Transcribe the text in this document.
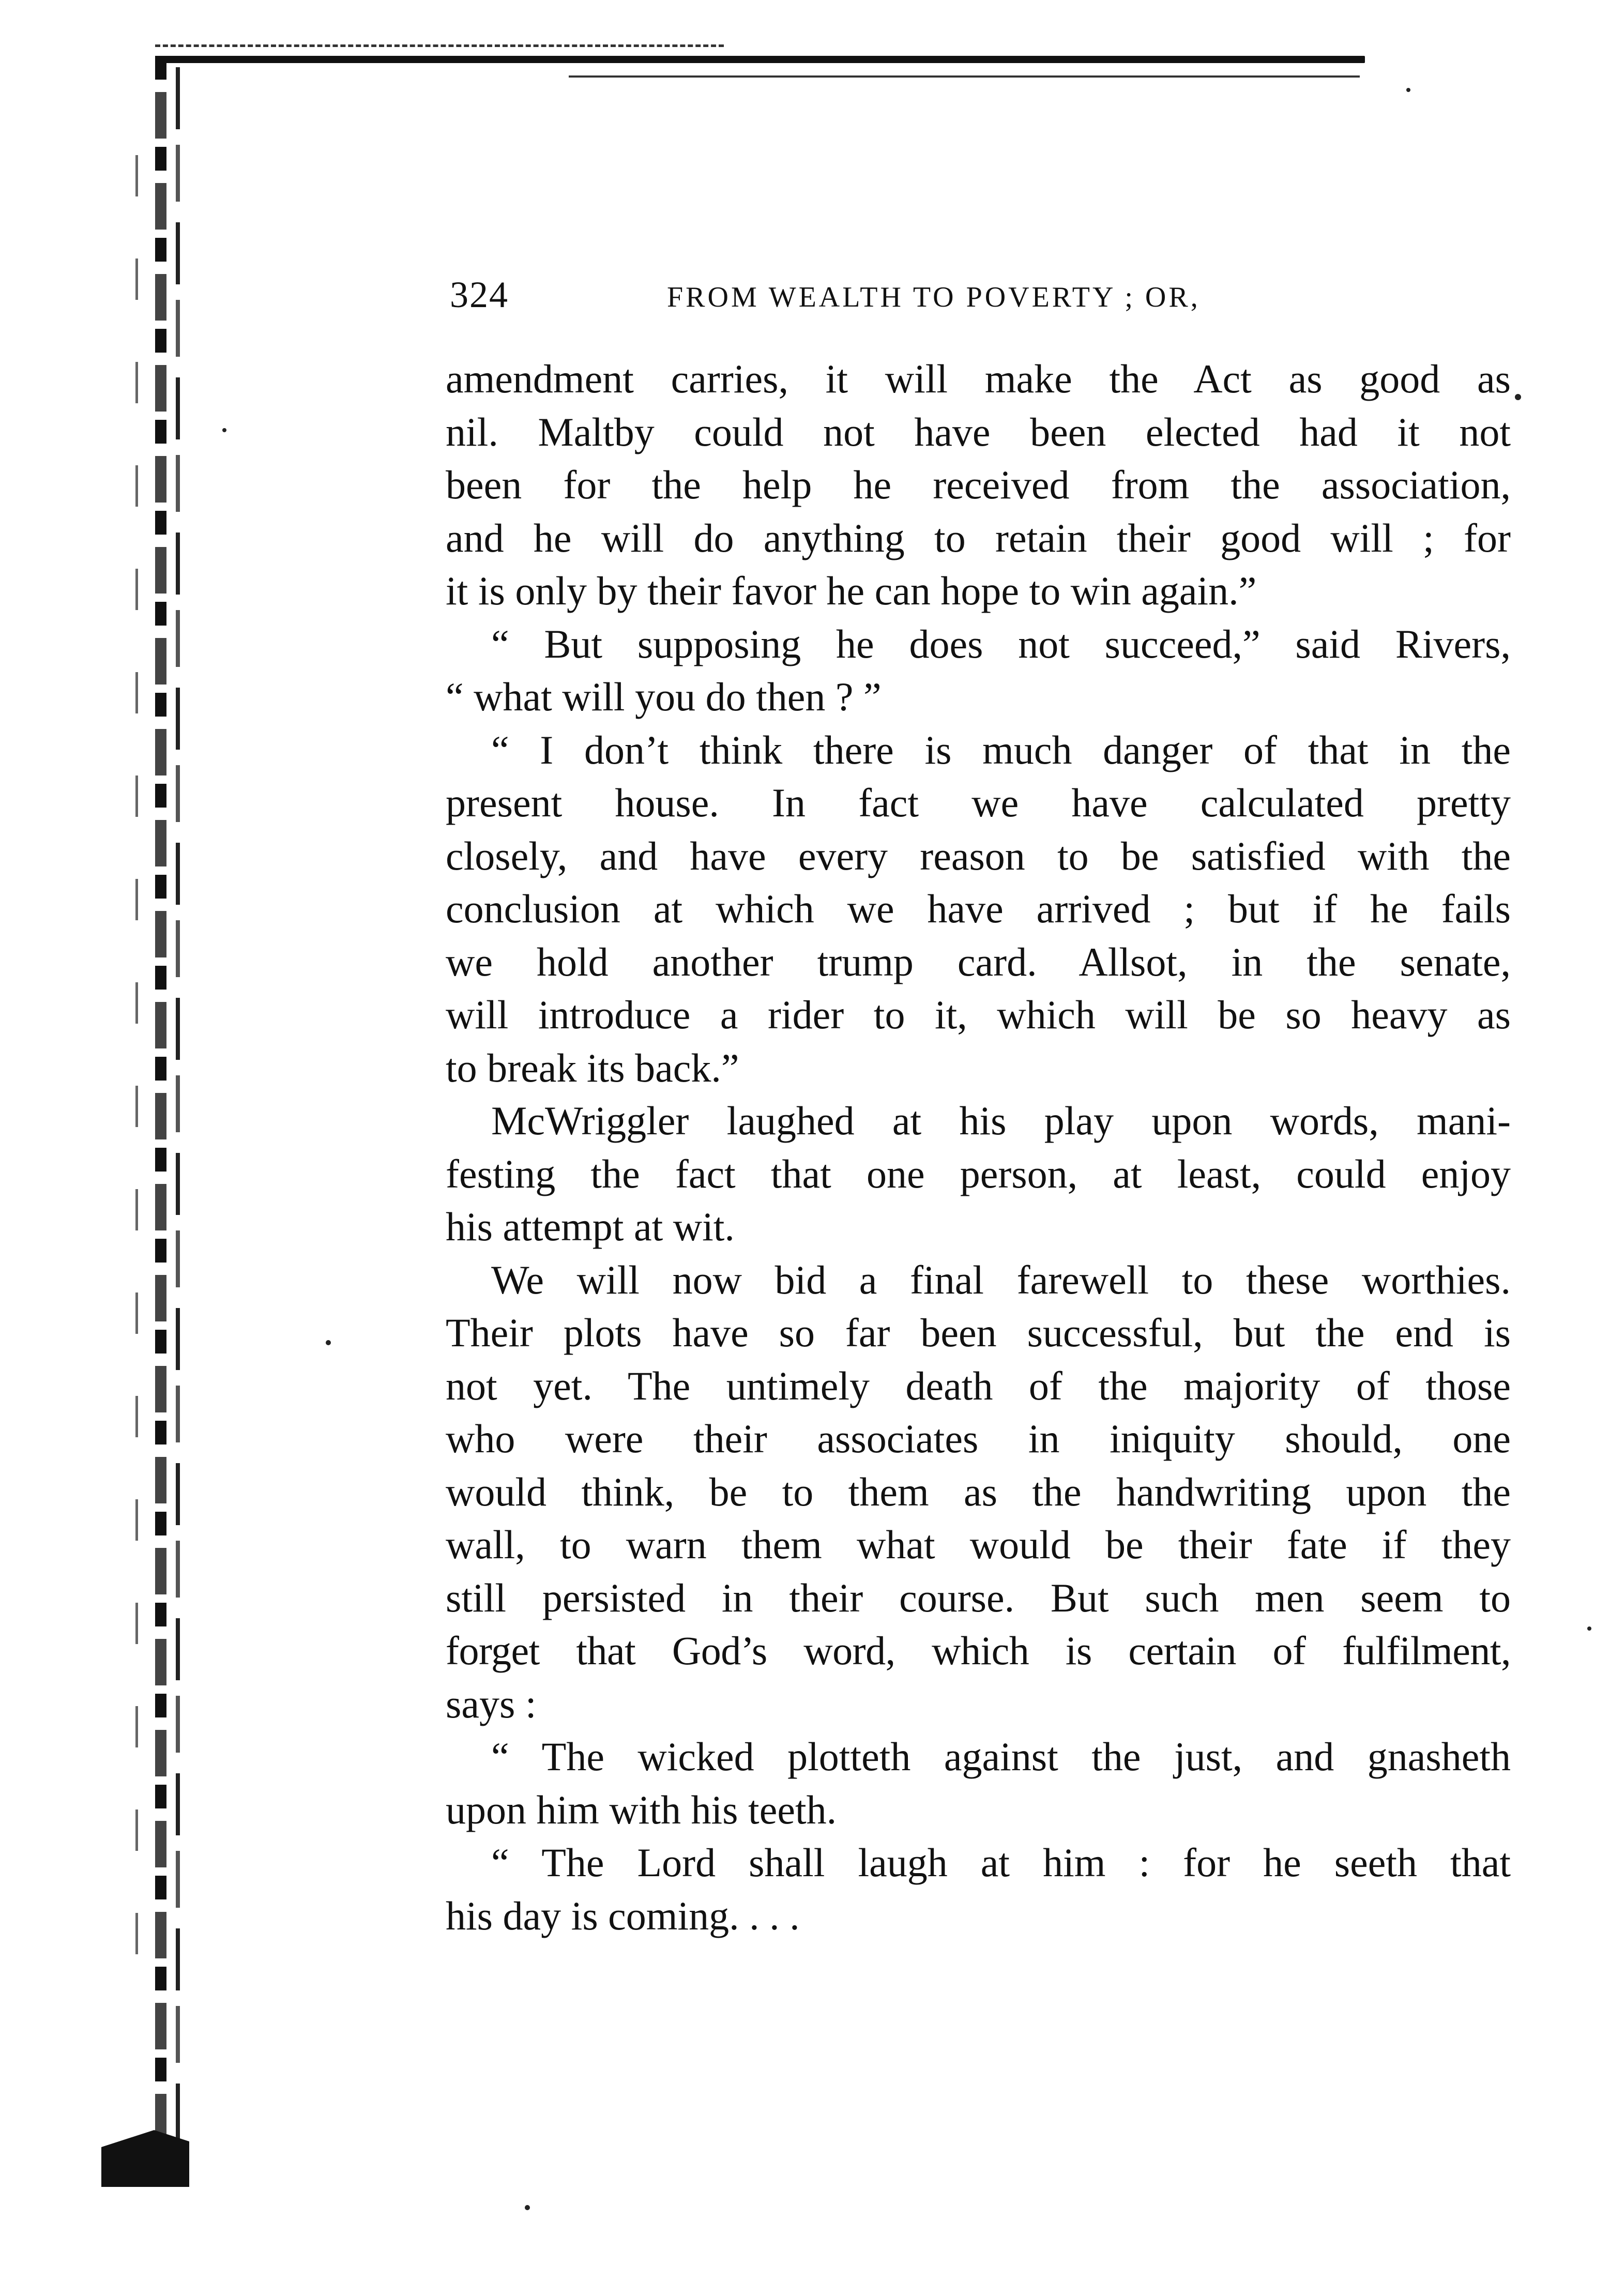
324	FROM WEALTH TO POVERTY ; OR,
amendment carries, it will make the Act as good as
nil. Maltby could not have been elected had it not
been for the help he received from the association,
and he will do anything to retain their good will ; for
it is only by their favor he can hope to win again.”
“ But supposing he does not succeed,” said Rivers,
“ what will you do then ? ”
“ I don’t think there is much danger of that in the
present house. In fact we have calculated pretty
closely, and have every reason to be satisfied with the
conclusion at which we have arrived ; but if he fails
we hold another trump card. Allsot, in the senate,
will introduce a rider to it, which will be so heavy as
to break its back.”
McWriggler laughed at his play upon words, mani-
festing the fact that one person, at least, could enjoy
his attempt at wit.
We will now bid a final farewell to these worthies.
Their plots have so far been successful, but the end is
not yet. The untimely death of the majority of those
who were their associates in iniquity should, one
would think, be to them as the handwriting upon the
wall, to warn them what would be their fate if they
still persisted in their course. But such men seem to
forget that God’s word, which is certain of fulfilment,
says :
“ The wicked plotteth against the just, and gnasheth
upon him with his teeth.
“ The Lord shall laugh at him : for he seeth that
his day is coming. . . .
